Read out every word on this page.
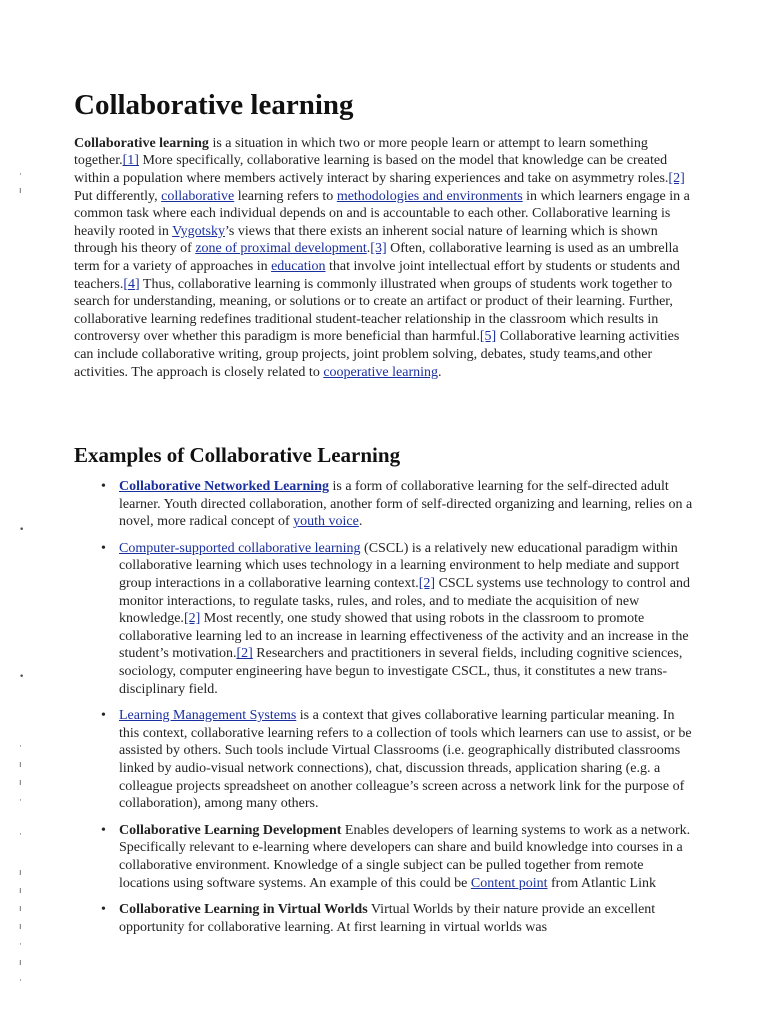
·
ı
•
•
·
ı
ı
·
·
ı
ı
ı
ı
·
ı
·
Collaborative learning

Collaborative learning is a situation in which two or more people learn or attempt to learn something together.[1] More specifically, collaborative learning is based on the model that knowledge can be created within a population where members actively interact by sharing experiences and take on asymmetry roles.[2] Put differently, collaborative learning refers to methodologies and environments in which learners engage in a common task where each individual depends on and is accountable to each other. Collaborative learning is heavily rooted in Vygotsky’s views that there exists an inherent social nature of learning which is shown through his theory of zone of proximal development.[3] Often, collaborative learning is used as an umbrella term for a variety of approaches in education that involve joint intellectual effort by students or students and teachers.[4] Thus, collaborative learning is commonly illustrated when groups of students work together to search for understanding, meaning, or solutions or to create an artifact or product of their learning. Further, collaborative learning redefines traditional student-teacher relationship in the classroom which results in controversy over whether this paradigm is more beneficial than harmful.[5] Collaborative learning activities can include collaborative writing, group projects, joint problem solving, debates, study teams,and other activities. The approach is closely related to cooperative learning.

Examples of Collaborative Learning
• Collaborative Networked Learning is a form of collaborative learning for the self-directed adult learner. Youth directed collaboration, another form of self-directed organizing and learning, relies on a novel, more radical concept of youth voice.
• Computer-supported collaborative learning (CSCL) is a relatively new educational paradigm within collaborative learning which uses technology in a learning environment to help mediate and support group interactions in a collaborative learning context.[2] CSCL systems use technology to control and monitor interactions, to regulate tasks, rules, and roles, and to mediate the acquisition of new knowledge.[2] Most recently, one study showed that using robots in the classroom to promote collaborative learning led to an increase in learning effectiveness of the activity and an increase in the student’s motivation.[2] Researchers and practitioners in several fields, including cognitive sciences, sociology, computer engineering have begun to investigate CSCL, thus, it constitutes a new trans-disciplinary field.
• Learning Management Systems is a context that gives collaborative learning particular meaning. In this context, collaborative learning refers to a collection of tools which learners can use to assist, or be assisted by others. Such tools include Virtual Classrooms (i.e. geographically distributed classrooms linked by audio-visual network connections), chat, discussion threads, application sharing (e.g. a colleague projects spreadsheet on another colleague’s screen across a network link for the purpose of collaboration), among many others.
• Collaborative Learning Development Enables developers of learning systems to work as a network. Specifically relevant to e-learning where developers can share and build knowledge into courses in a collaborative environment. Knowledge of a single subject can be pulled together from remote locations using software systems. An example of this could be Content point from Atlantic Link
• Collaborative Learning in Virtual Worlds Virtual Worlds by their nature provide an excellent opportunity for collaborative learning. At first learning in virtual worlds was
